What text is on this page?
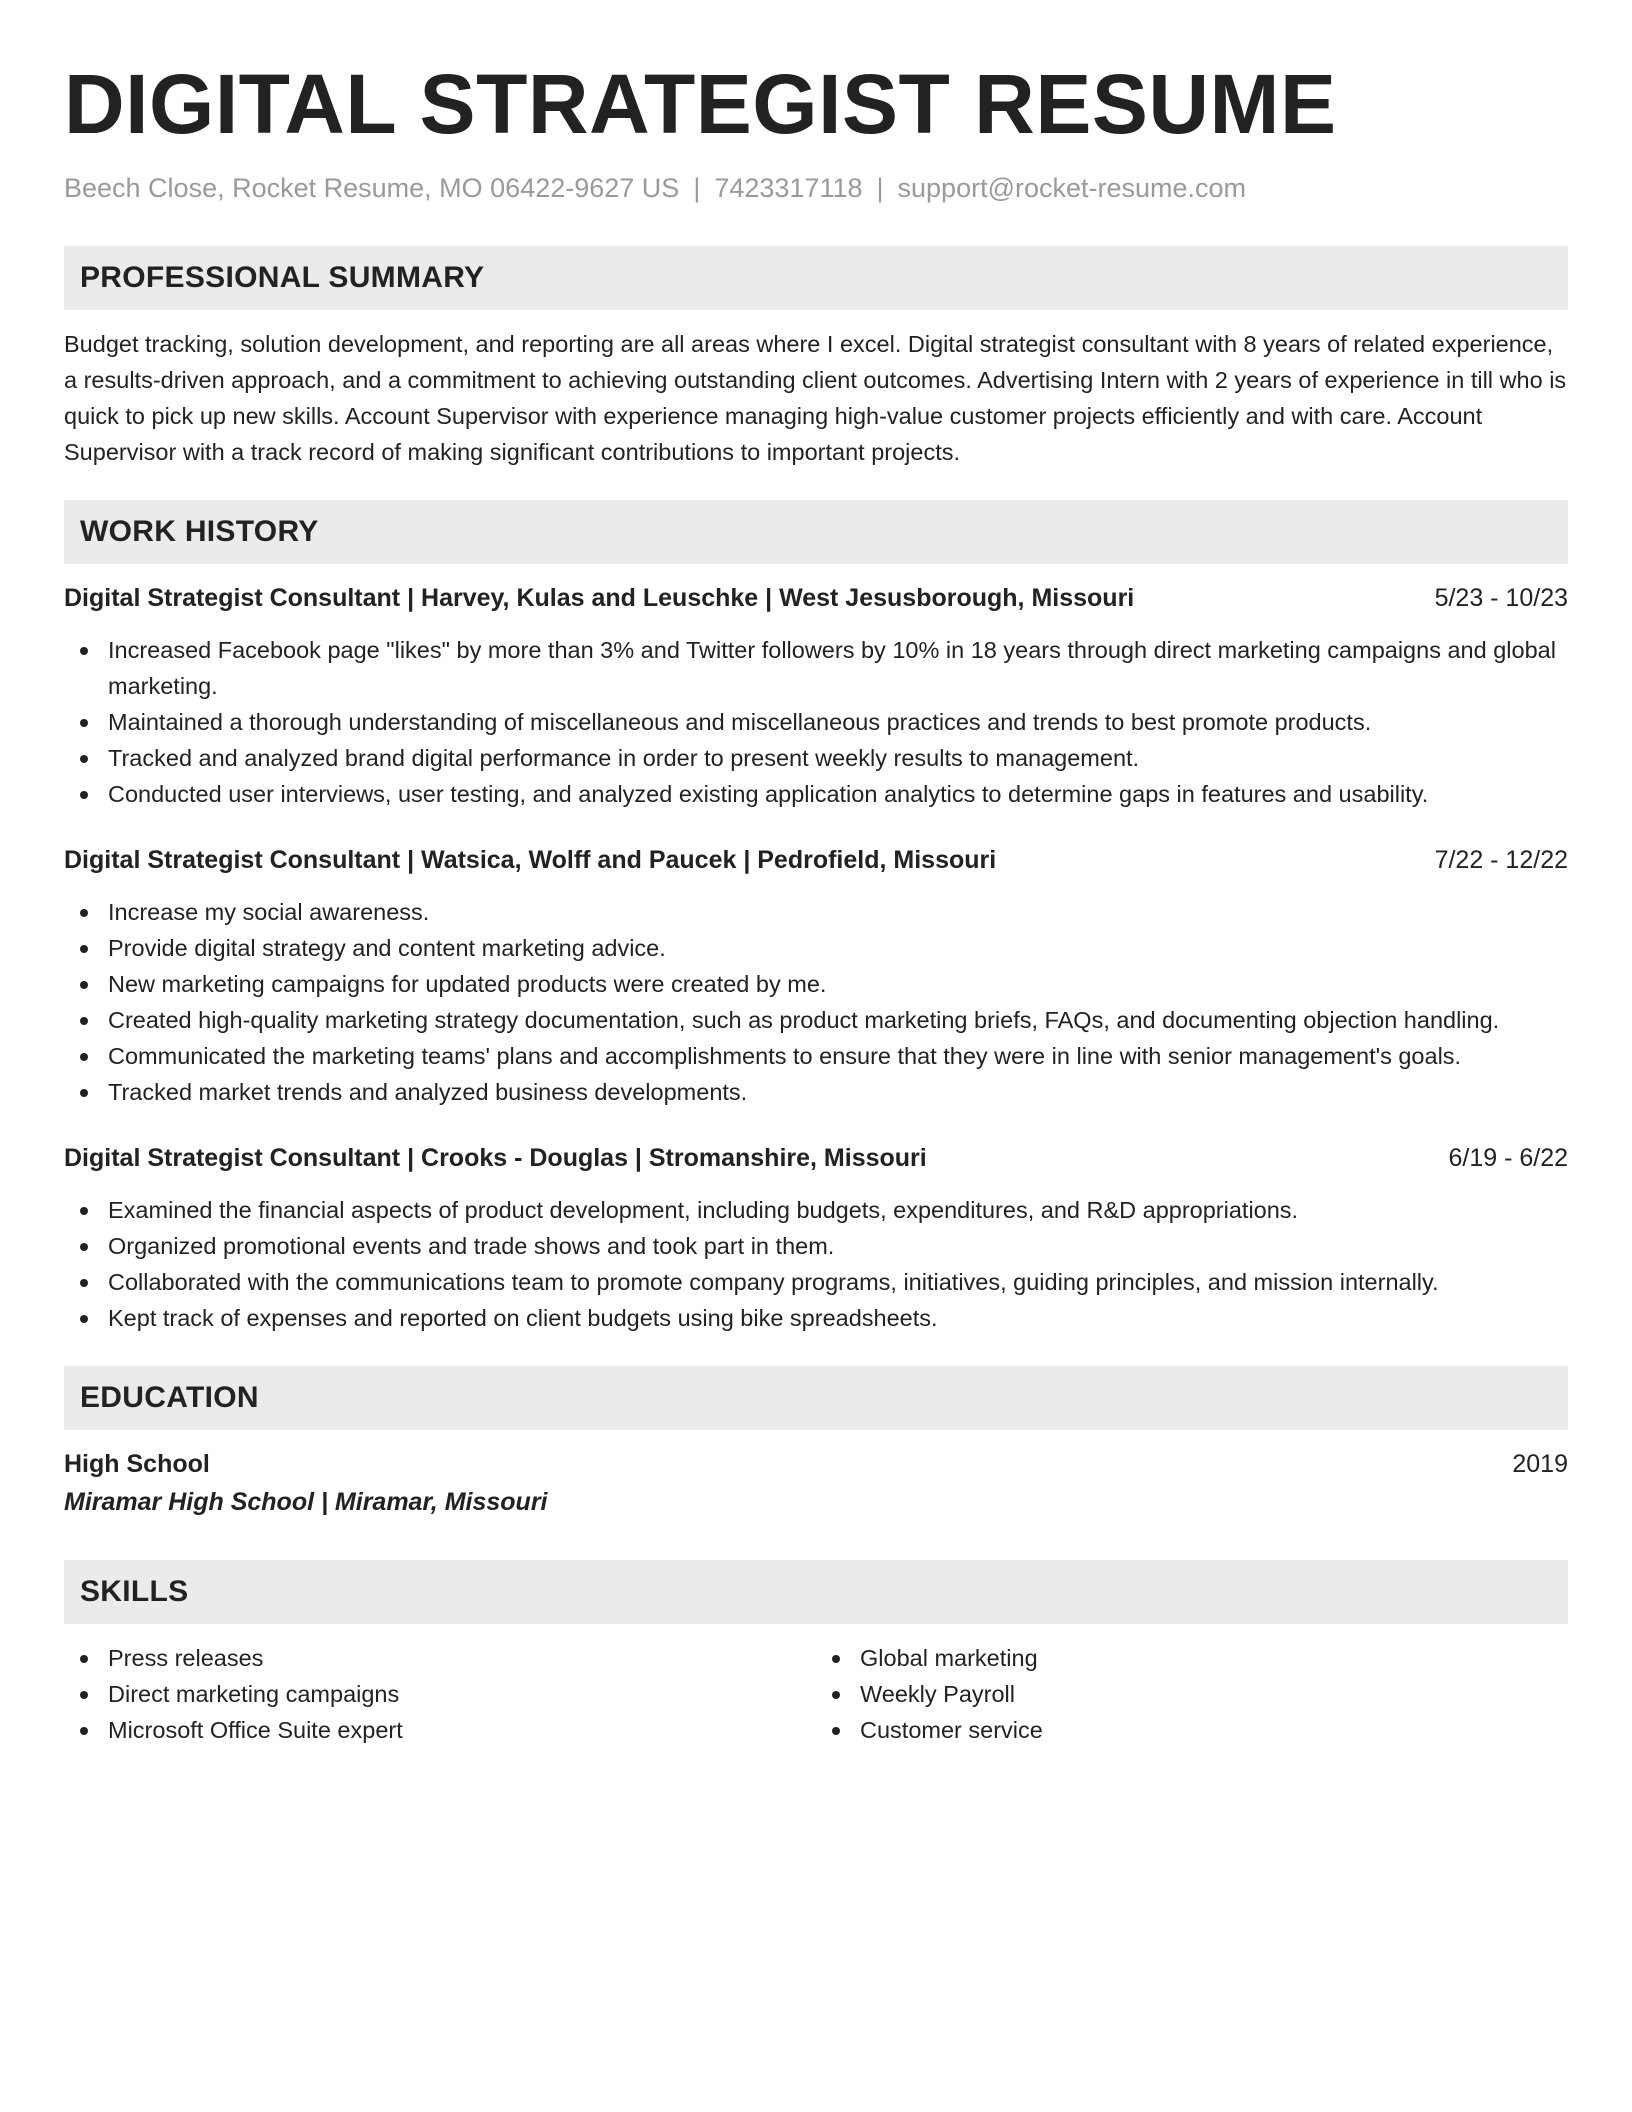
DIGITAL STRATEGIST RESUME
Beech Close, Rocket Resume, MO 06422-9627 US | 7423317118 | support@rocket-resume.com
PROFESSIONAL SUMMARY

Budget tracking, solution development, and reporting are all areas where I excel. Digital strategist consultant with 8 years of related experience, a results-driven approach, and a commitment to achieving outstanding client outcomes. Advertising Intern with 2 years of experience in till who is quick to pick up new skills. Account Supervisor with experience managing high-value customer projects efficiently and with care. Account Supervisor with a track record of making significant contributions to important projects.

WORK HISTORY
Digital Strategist Consultant | Harvey, Kulas and Leuschke | West Jesusborough, Missouri	5/23 - 10/23
Increased Facebook page "likes" by more than 3% and Twitter followers by 10% in 18 years through direct marketing campaigns and global marketing.
Maintained a thorough understanding of miscellaneous and miscellaneous practices and trends to best promote products.
Tracked and analyzed brand digital performance in order to present weekly results to management.
Conducted user interviews, user testing, and analyzed existing application analytics to determine gaps in features and usability.
Digital Strategist Consultant | Watsica, Wolff and Paucek | Pedrofield, Missouri	7/22 - 12/22
Increase my social awareness.
Provide digital strategy and content marketing advice.
New marketing campaigns for updated products were created by me.
Created high-quality marketing strategy documentation, such as product marketing briefs, FAQs, and documenting objection handling.
Communicated the marketing teams' plans and accomplishments to ensure that they were in line with senior management's goals.
Tracked market trends and analyzed business developments.
Digital Strategist Consultant | Crooks - Douglas | Stromanshire, Missouri	6/19 - 6/22
Examined the financial aspects of product development, including budgets, expenditures, and R&D appropriations.
Organized promotional events and trade shows and took part in them.
Collaborated with the communications team to promote company programs, initiatives, guiding principles, and mission internally.
Kept track of expenses and reported on client budgets using bike spreadsheets.
EDUCATION
High School	2019
Miramar High School | Miramar, Missouri
SKILLS
Press releases
Direct marketing campaigns
Microsoft Office Suite expert
Global marketing
Weekly Payroll
Customer service
